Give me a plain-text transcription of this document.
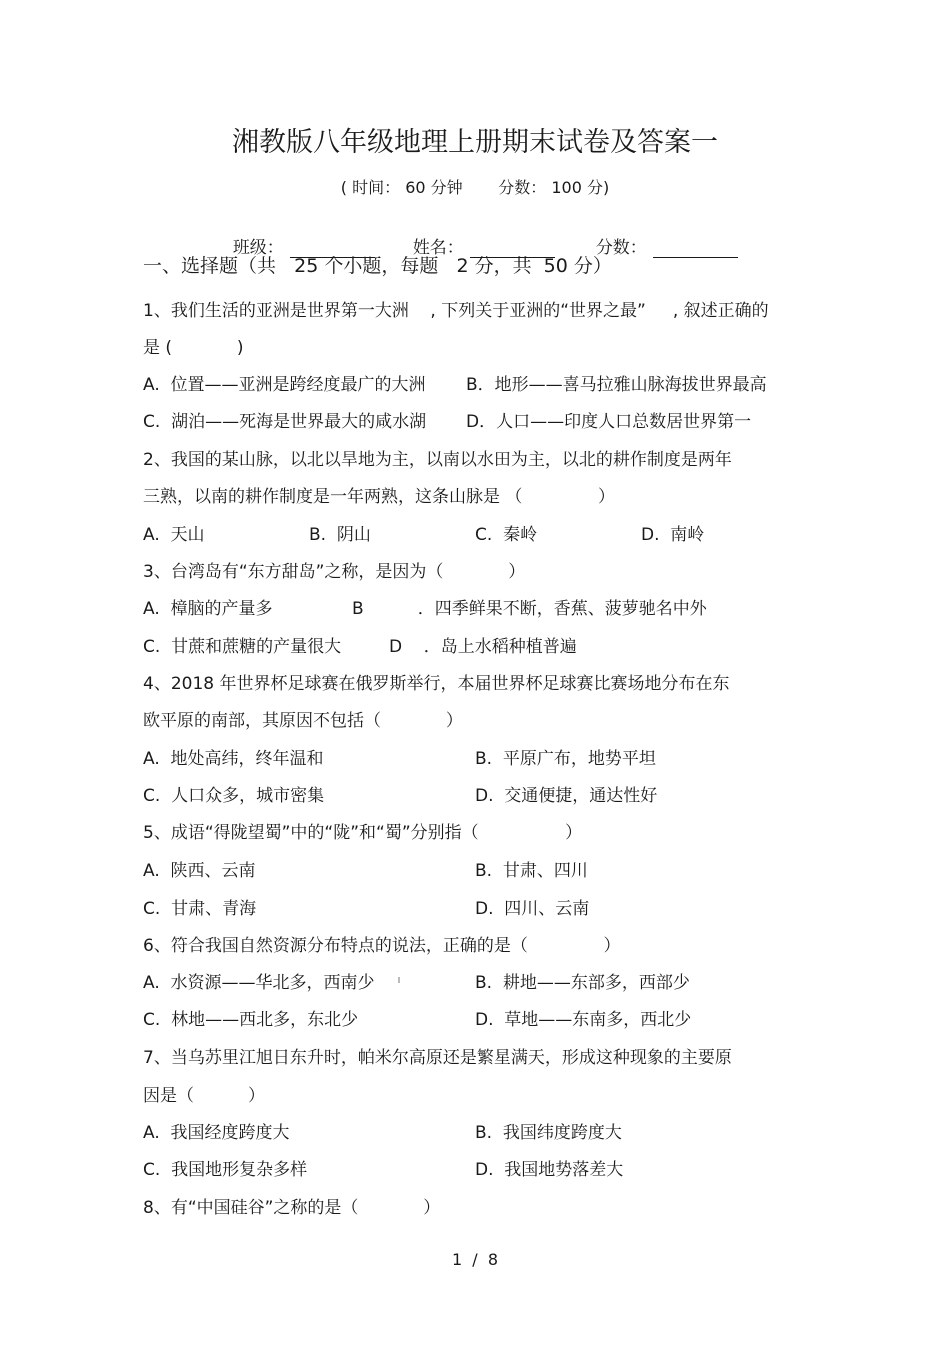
湘教版八年级地理上册期末试卷及答案一
( 时间： 60 分钟       分数： 100 分)

班级：	姓名：	分数：

一、选择题（共   25 个小题，每题   2 分，共  50 分）
1、我们生活的亚洲是世界第一大洲    , 下列关于亚洲的“世界之最”     , 叙述正确的
是 (            )
A.  位置——亚洲是跨经度最广的大洲 B．地形——喜马拉雅山脉海拔世界最高
C.  湖泊——死海是世界最大的咸水湖 D．人口——印度人口总数居世界第一
2、我国的某山脉，以北以旱地为主，以南以水田为主，以北的耕作制度是两年
三熟，以南的耕作制度是一年两熟，这条山脉是 （              ）
A.  天山	B.  阴山	C.  秦岭	D.  南岭
3、台湾岛有“东方甜岛”之称，是因为（            ）
A.  樟脑的产量多	B          ．四季鲜果不断，香蕉、菠萝驰名中外
C.  甘蔗和蔗糖的产量很大	D    ．岛上水稻种植普遍
4、2018 年世界杯足球赛在俄罗斯举行，本届世界杯足球赛比赛场地分布在东
欧平原的南部，其原因不包括（            ）
A.  地处高纬，终年温和	B.  平原广布，地势平坦
C.  人口众多，城市密集	D.  交通便捷，通达性好
5、成语“得陇望蜀”中的“陇”和“蜀”分别指（                ）
A.  陕西、云南	B.  甘肃、四川
C.  甘肃、青海	D.  四川、云南
6、符合我国自然资源分布特点的说法，正确的是（              ）
A.  水资源——华北多，西南少	B.  耕地——东部多，西部少
C.  林地——西北多，东北少	D.  草地——东南多，西北少
7、当乌苏里江旭日东升时，帕米尔高原还是繁星满天，形成这种现象的主要原
因是（          ）
A.  我国经度跨度大	B.  我国纬度跨度大
C.  我国地形复杂多样	D.  我国地势落差大
8、有“中国硅谷”之称的是（            ）
1  /  8
